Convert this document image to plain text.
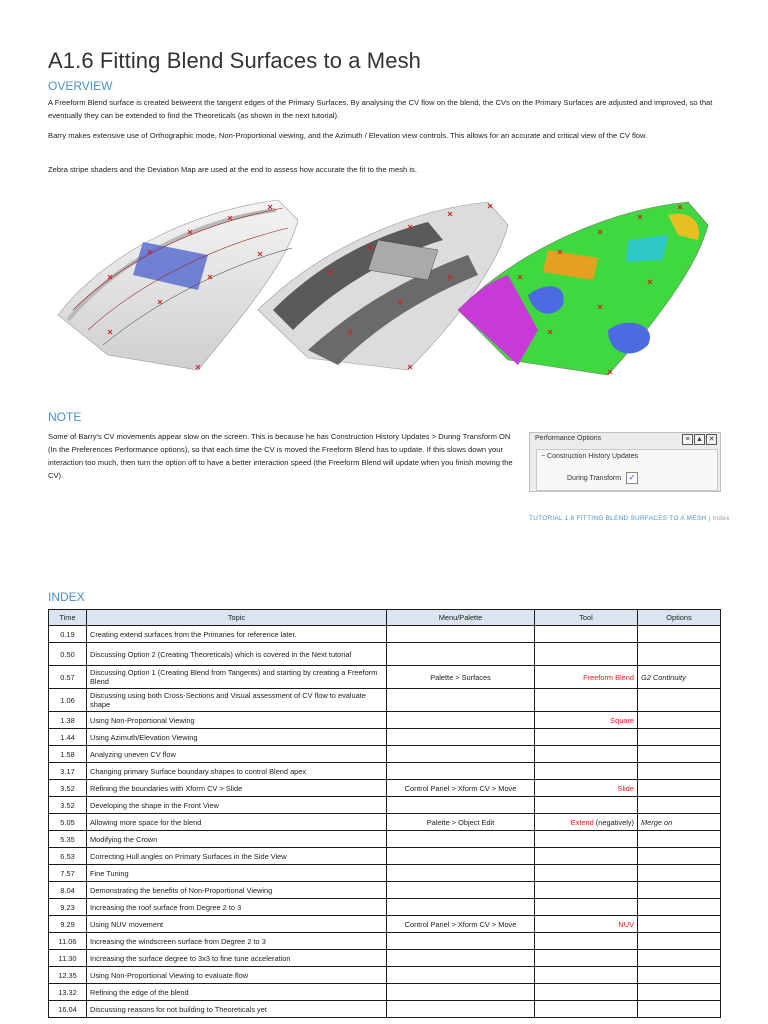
A1.6 Fitting Blend Surfaces to a Mesh
OVERVIEW
A Freeform Blend surface is created betweent the tangent edges of the Primary Surfaces. By analysing the CV flow on the blend, the CVs on the Primary Surfaces are adjusted and improved, so that eventually they can be extended to find the Theoreticals (as shown in the next tutorial).
Barry makes extensive use of Orthographic mode, Non-Proportional viewing, and the Azimuth / Elevation view controls. This allows for an accurate and critical view of the CV flow.
Zebra stripe shaders and the Deviation Map are used at the end to assess how accurate the fit to the mesh is.
NOTE
Some of Barry's CV movements appear slow on the screen. This is because he has Construction History Updates > During Transform ON (In the Preferences Performance options), so that each time the CV is moved the Freeform Blend has to update. If this slows down your interaction too much, then turn the option off to have a better interaction speed (the Freeform Blend will update when you finish moving the CV).
Performance Options	≡ ▲ ✕
− Construction History Updates
During Transform ✓
TUTORIAL 1.6 FITTING BLEND SURFACES TO A MESH | Index
INDEX
Time	Topic	Menu/Palette	Tool	Options
0.19	Creating extend surfaces from the Primaries for reference later.			
0.50	Discussing Option 2 (Creating Theoreticals) which is covered in the Next tutorial			
0.57	Discussing Option 1 (Creating Blend from Tangents) and starting by creating a Freeform Blend	Palette > Surfaces	Freeform Blend	G2 Continuity
1.06	Discussing using both Cross-Sections and Visual assessment of CV flow to evaluate shape			
1.38	Using Non-Proportional Viewing		Square	
1.44	Using Azimuth/Elevation Viewing			
1.58	Analyzing uneven CV flow			
3.17	Changing primary Surface boundary shapes to control Blend apex			
3.52	Refining the boundaries with Xform CV > Slide	Control Panel > Xform CV > Move	Slide	
3.52	Developing the shape in the Front View			
5.05	Allowing more space for the blend	Palette > Object Edit	Extend (negatively)	Merge on
5.35	Modifying the Crown			
6.53	Correcting Hull angles on Primary Surfaces in the Side View			
7.57	Fine Tuning			
8.04	Demonstrating the benefits of Non-Proportional Viewing			
9.23	Increasing the roof surface from Degree 2 to 3			
9.29	Using NUV movement	Control Panel > Xform CV > Move	NUV	
11.06	Increasing the windscreen surface from Degree 2 to 3			
11.30	Increasing the surface degree to 3x3 to fine tune acceleration			
12.35	Using Non-Proportional Viewing to evaluate flow			
13.32	Refining the edge of the blend			
16.04	Discussing reasons for not building to Theoreticals yet			
